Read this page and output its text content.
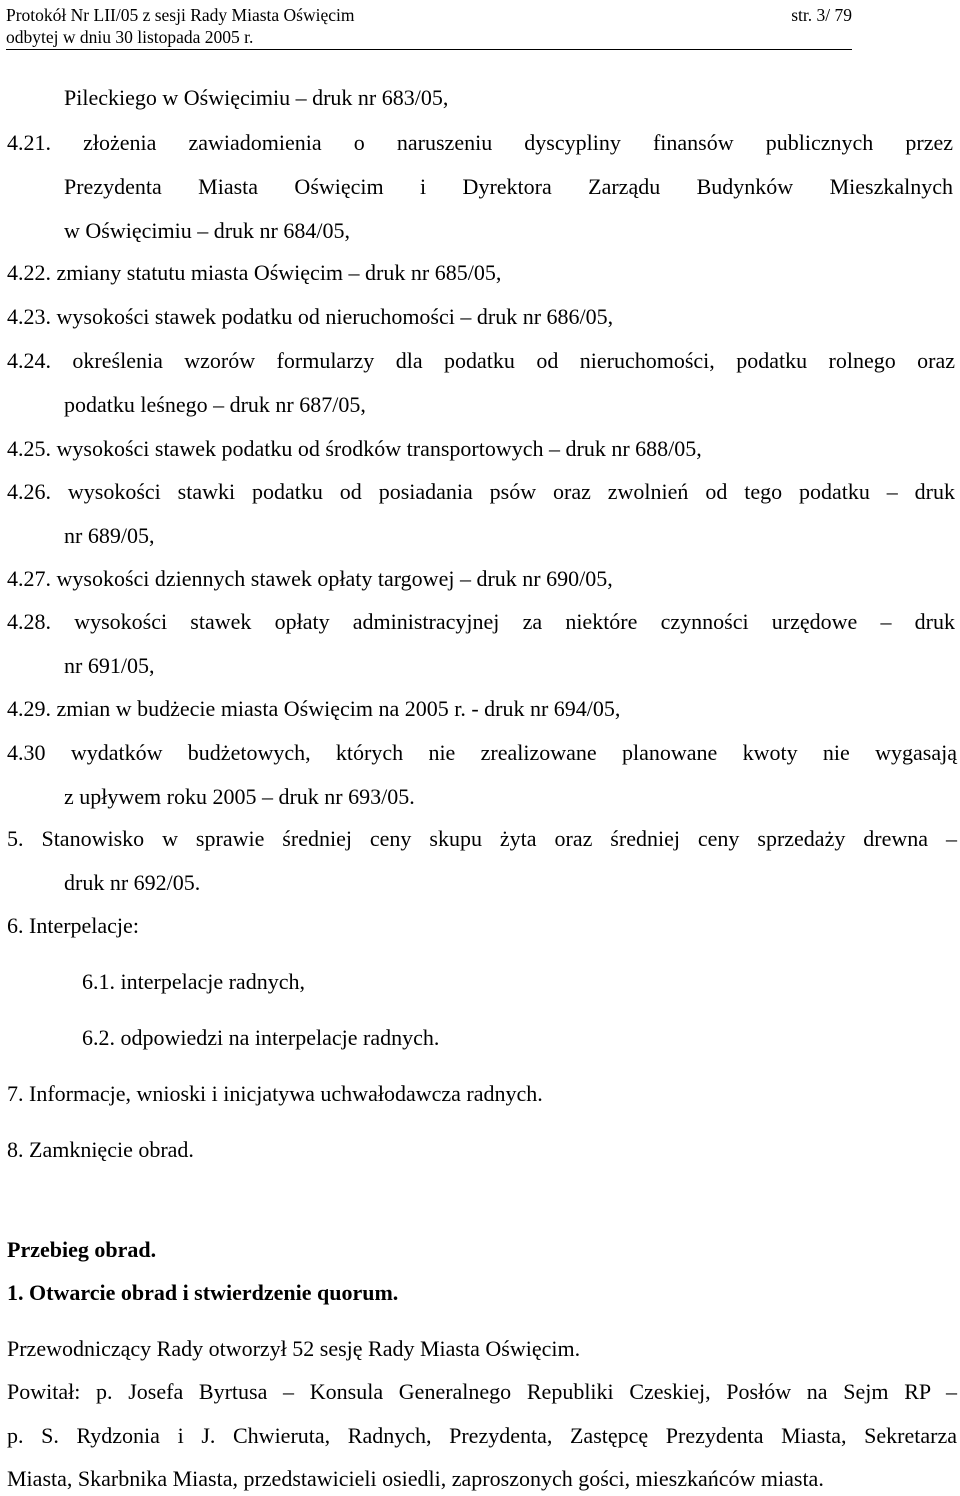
Protokół Nr LII/05 z sesji Rady Miasta Oświęcim	str. 3/ 79
odbytej w dniu 30 listopada 2005 r.
Pileckiego w Oświęcimiu – druk nr 683/05,
4.21. złożenia zawiadomienia o naruszeniu dyscypliny finansów publicznych przez
Prezydenta Miasta Oświęcim i Dyrektora Zarządu Budynków Mieszkalnych
w Oświęcimiu – druk nr 684/05,
4.22. zmiany statutu miasta Oświęcim – druk nr 685/05,
4.23. wysokości stawek podatku od nieruchomości – druk nr 686/05,
4.24. określenia wzorów formularzy dla podatku od nieruchomości, podatku rolnego oraz
podatku leśnego – druk nr 687/05,
4.25. wysokości stawek podatku od środków transportowych – druk nr 688/05,
4.26. wysokości stawki podatku od posiadania psów oraz zwolnień od tego podatku – druk
nr 689/05,
4.27. wysokości dziennych stawek opłaty targowej – druk nr 690/05,
4.28. wysokości stawek opłaty administracyjnej za niektóre czynności urzędowe – druk
nr 691/05,
4.29. zmian w budżecie miasta Oświęcim na 2005 r. - druk nr 694/05,
4.30 wydatków budżetowych, których nie zrealizowane planowane kwoty nie wygasają
z upływem roku 2005 – druk nr 693/05.
5. Stanowisko w sprawie średniej ceny skupu żyta oraz średniej ceny sprzedaży drewna –
druk nr 692/05.
6. Interpelacje:
6.1. interpelacje radnych,
6.2. odpowiedzi na interpelacje radnych.
7. Informacje, wnioski i inicjatywa uchwałodawcza radnych.
8. Zamknięcie obrad.
Przebieg obrad.
1. Otwarcie obrad i stwierdzenie quorum.
Przewodniczący Rady otworzył 52 sesję Rady Miasta Oświęcim.
Powitał: p. Josefa Byrtusa – Konsula Generalnego Republiki Czeskiej, Posłów na Sejm RP –
p. S. Rydzonia i J. Chwieruta, Radnych, Prezydenta, Zastępcę Prezydenta Miasta, Sekretarza
Miasta, Skarbnika Miasta, przedstawicieli osiedli, zaproszonych gości, mieszkańców miasta.
